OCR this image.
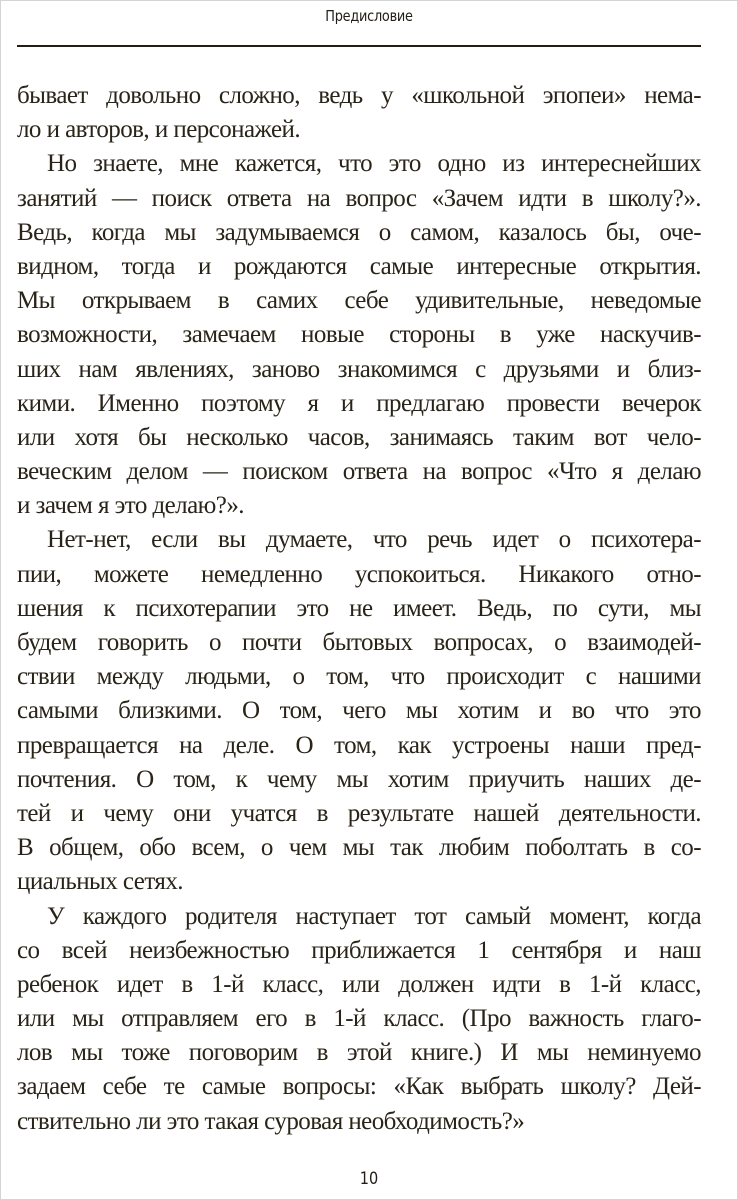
Предисловие
бывает довольно сложно, ведь у «школьной эпопеи» нема-
ло и авторов, и персонажей.
Но знаете, мне кажется, что это одно из интереснейших
занятий — поиск ответа на вопрос «Зачем идти в школу?».
Ведь, когда мы задумываемся о самом, казалось бы, оче-
видном, тогда и рождаются самые интересные открытия.
Мы открываем в самих себе удивительные, неведомые
возможности, замечаем новые стороны в уже наскучив-
ших нам явлениях, заново знакомимся с друзьями и близ-
кими. Именно поэтому я и предлагаю провести вечерок
или хотя бы несколько часов, занимаясь таким вот чело-
веческим делом — поиском ответа на вопрос «Что я делаю
и зачем я это делаю?».
Нет-нет, если вы думаете, что речь идет о психотера-
пии, можете немедленно успокоиться. Никакого отно-
шения к психотерапии это не имеет. Ведь, по сути, мы
будем говорить о почти бытовых вопросах, о взаимодей-
ствии между людьми, о том, что происходит с нашими
самыми близкими. О том, чего мы хотим и во что это
превращается на деле. О том, как устроены наши пред-
почтения. О том, к чему мы хотим приучить наших де-
тей и чему они учатся в результате нашей деятельности.
В общем, обо всем, о чем мы так любим поболтать в со-
циальных сетях.
У каждого родителя наступает тот самый момент, когда
со всей неизбежностью приближается 1 сентября и наш
ребенок идет в 1-й класс, или должен идти в 1-й класс,
или мы отправляем его в 1-й класс. (Про важность глаго-
лов мы тоже поговорим в этой книге.) И мы неминуемо
задаем себе те самые вопросы: «Как выбрать школу? Дей-
ствительно ли это такая суровая необходимость?»
10
